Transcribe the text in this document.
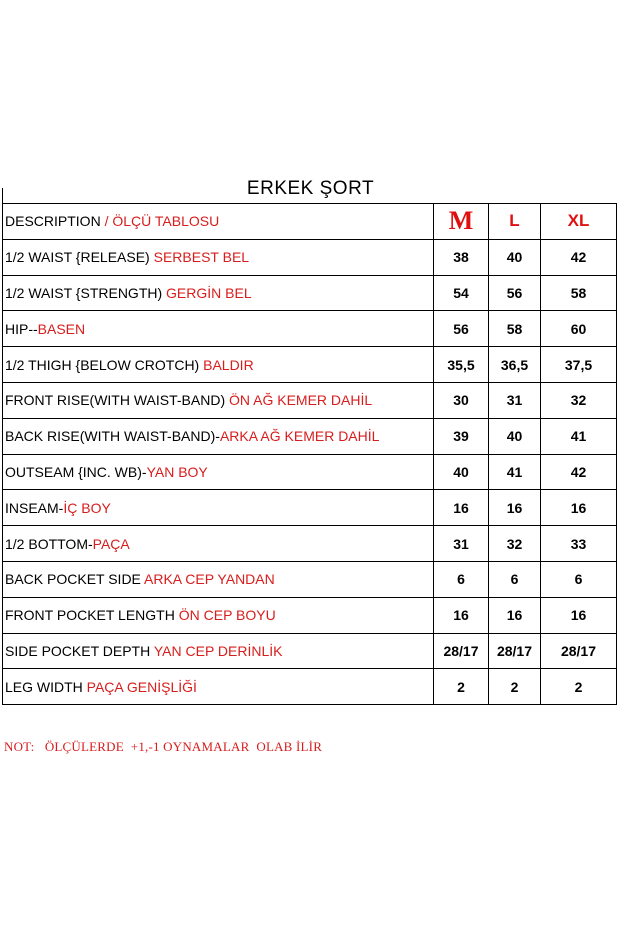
ERKEK ŞORT
DESCRIPTION / ÖLÇÜ TABLOSU	M	L	XL
1/2 WAIST {RELEASE) SERBEST BEL	38	40	42
1/2 WAIST {STRENGTH) GERGİN BEL	54	56	58
HIP--BASEN	56	58	60
1/2 THIGH {BELOW CROTCH) BALDIR	35,5	36,5	37,5
FRONT RISE(WITH WAIST-BAND) ÖN AĞ KEMER DAHİL	30	31	32
BACK RISE(WITH WAIST-BAND)-ARKA AĞ KEMER DAHİL	39	40	41
OUTSEAM {INC. WB)-YAN BOY	40	41	42
INSEAM-İÇ BOY	16	16	16
1/2 BOTTOM-PAÇA	31	32	33
BACK POCKET SIDE ARKA CEP YANDAN	6	6	6
FRONT POCKET LENGTH ÖN CEP BOYU	16	16	16
SIDE POCKET DEPTH YAN CEP DERİNLİK	28/17	28/17	28/17
LEG WIDTH PAÇA GENİŞLİĞİ	2	2	2
NOT:   ÖLÇÜLERDE  +1,-1 OYNAMALAR  OLAB İLİR
